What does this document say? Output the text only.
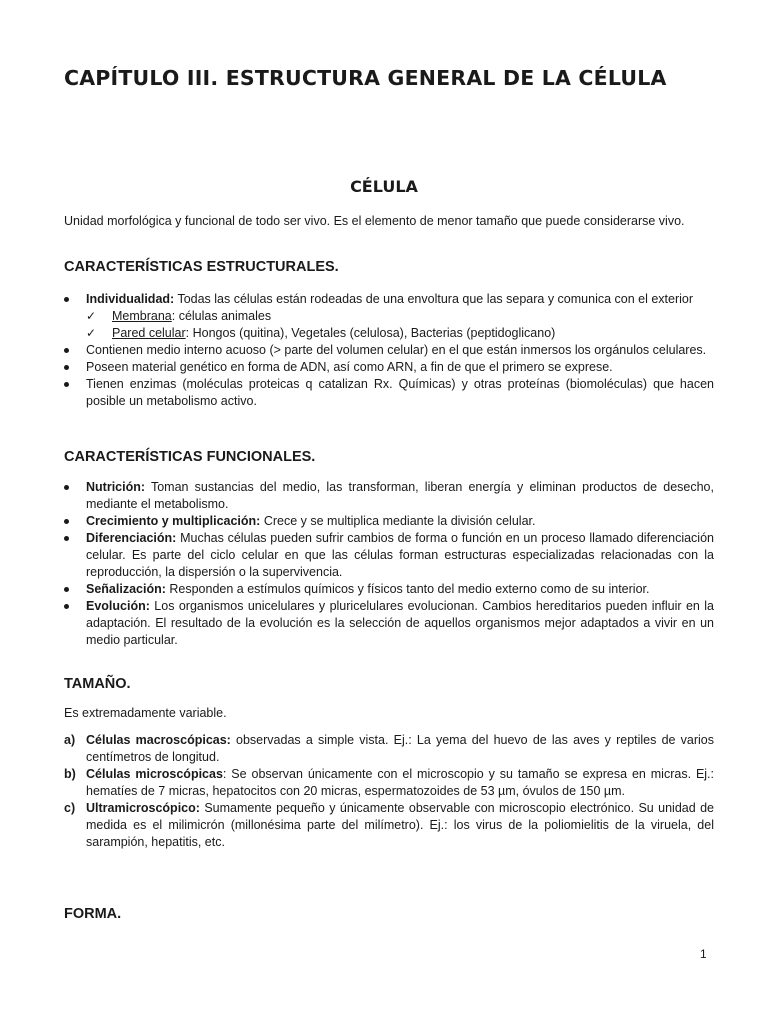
CAPÍTULO III. ESTRUCTURA GENERAL DE LA CÉLULA
CÉLULA

Unidad morfológica y funcional de todo ser vivo. Es el elemento de menor tamaño que puede considerarse vivo.

CARACTERÍSTICAS ESTRUCTURALES.
Individualidad: Todas las células están rodeadas de una envoltura que las separa y comunica con el exterior
✓ Membrana: células animales
✓ Pared celular: Hongos (quitina), Vegetales (celulosa), Bacterias (peptidoglicano)
Contienen medio interno acuoso (> parte del volumen celular) en el que están inmersos los orgánulos celulares.
Poseen material genético en forma de ADN, así como ARN, a fin de que el primero se exprese.
Tienen enzimas (moléculas proteicas q catalizan Rx. Químicas) y otras proteínas (biomoléculas) que hacen posible un metabolismo activo.
CARACTERÍSTICAS FUNCIONALES.
Nutrición: Toman sustancias del medio, las transforman, liberan energía y eliminan productos de desecho, mediante el metabolismo.
Crecimiento y multiplicación: Crece y se multiplica mediante la división celular.
Diferenciación: Muchas células pueden sufrir cambios de forma o función en un proceso llamado diferenciación celular. Es parte del ciclo celular en que las células forman estructuras especializadas relacionadas con la reproducción, la dispersión o la supervivencia.
Señalización: Responden a estímulos químicos y físicos tanto del medio externo como de su interior.
Evolución: Los organismos unicelulares y pluricelulares evolucionan. Cambios hereditarios pueden influir en la adaptación. El resultado de la evolución es la selección de aquellos organismos mejor adaptados a vivir en un medio particular.
TAMAÑO.

Es extremadamente variable.

a) Células macroscópicas: observadas a simple vista. Ej.: La yema del huevo de las aves y reptiles de varios centímetros de longitud.
b) Células microscópicas: Se observan únicamente con el microscopio y su tamaño se expresa en micras. Ej.: hematíes de 7 micras, hepatocitos con 20 micras, espermatozoides de 53 µm, óvulos de 150 µm.
c) Ultramicroscópico: Sumamente pequeño y únicamente observable con microscopio electrónico. Su unidad de medida es el milimicrón (millonésima parte del milímetro). Ej.: los virus de la poliomielitis de la viruela, del sarampión, hepatitis, etc.
FORMA.

1
